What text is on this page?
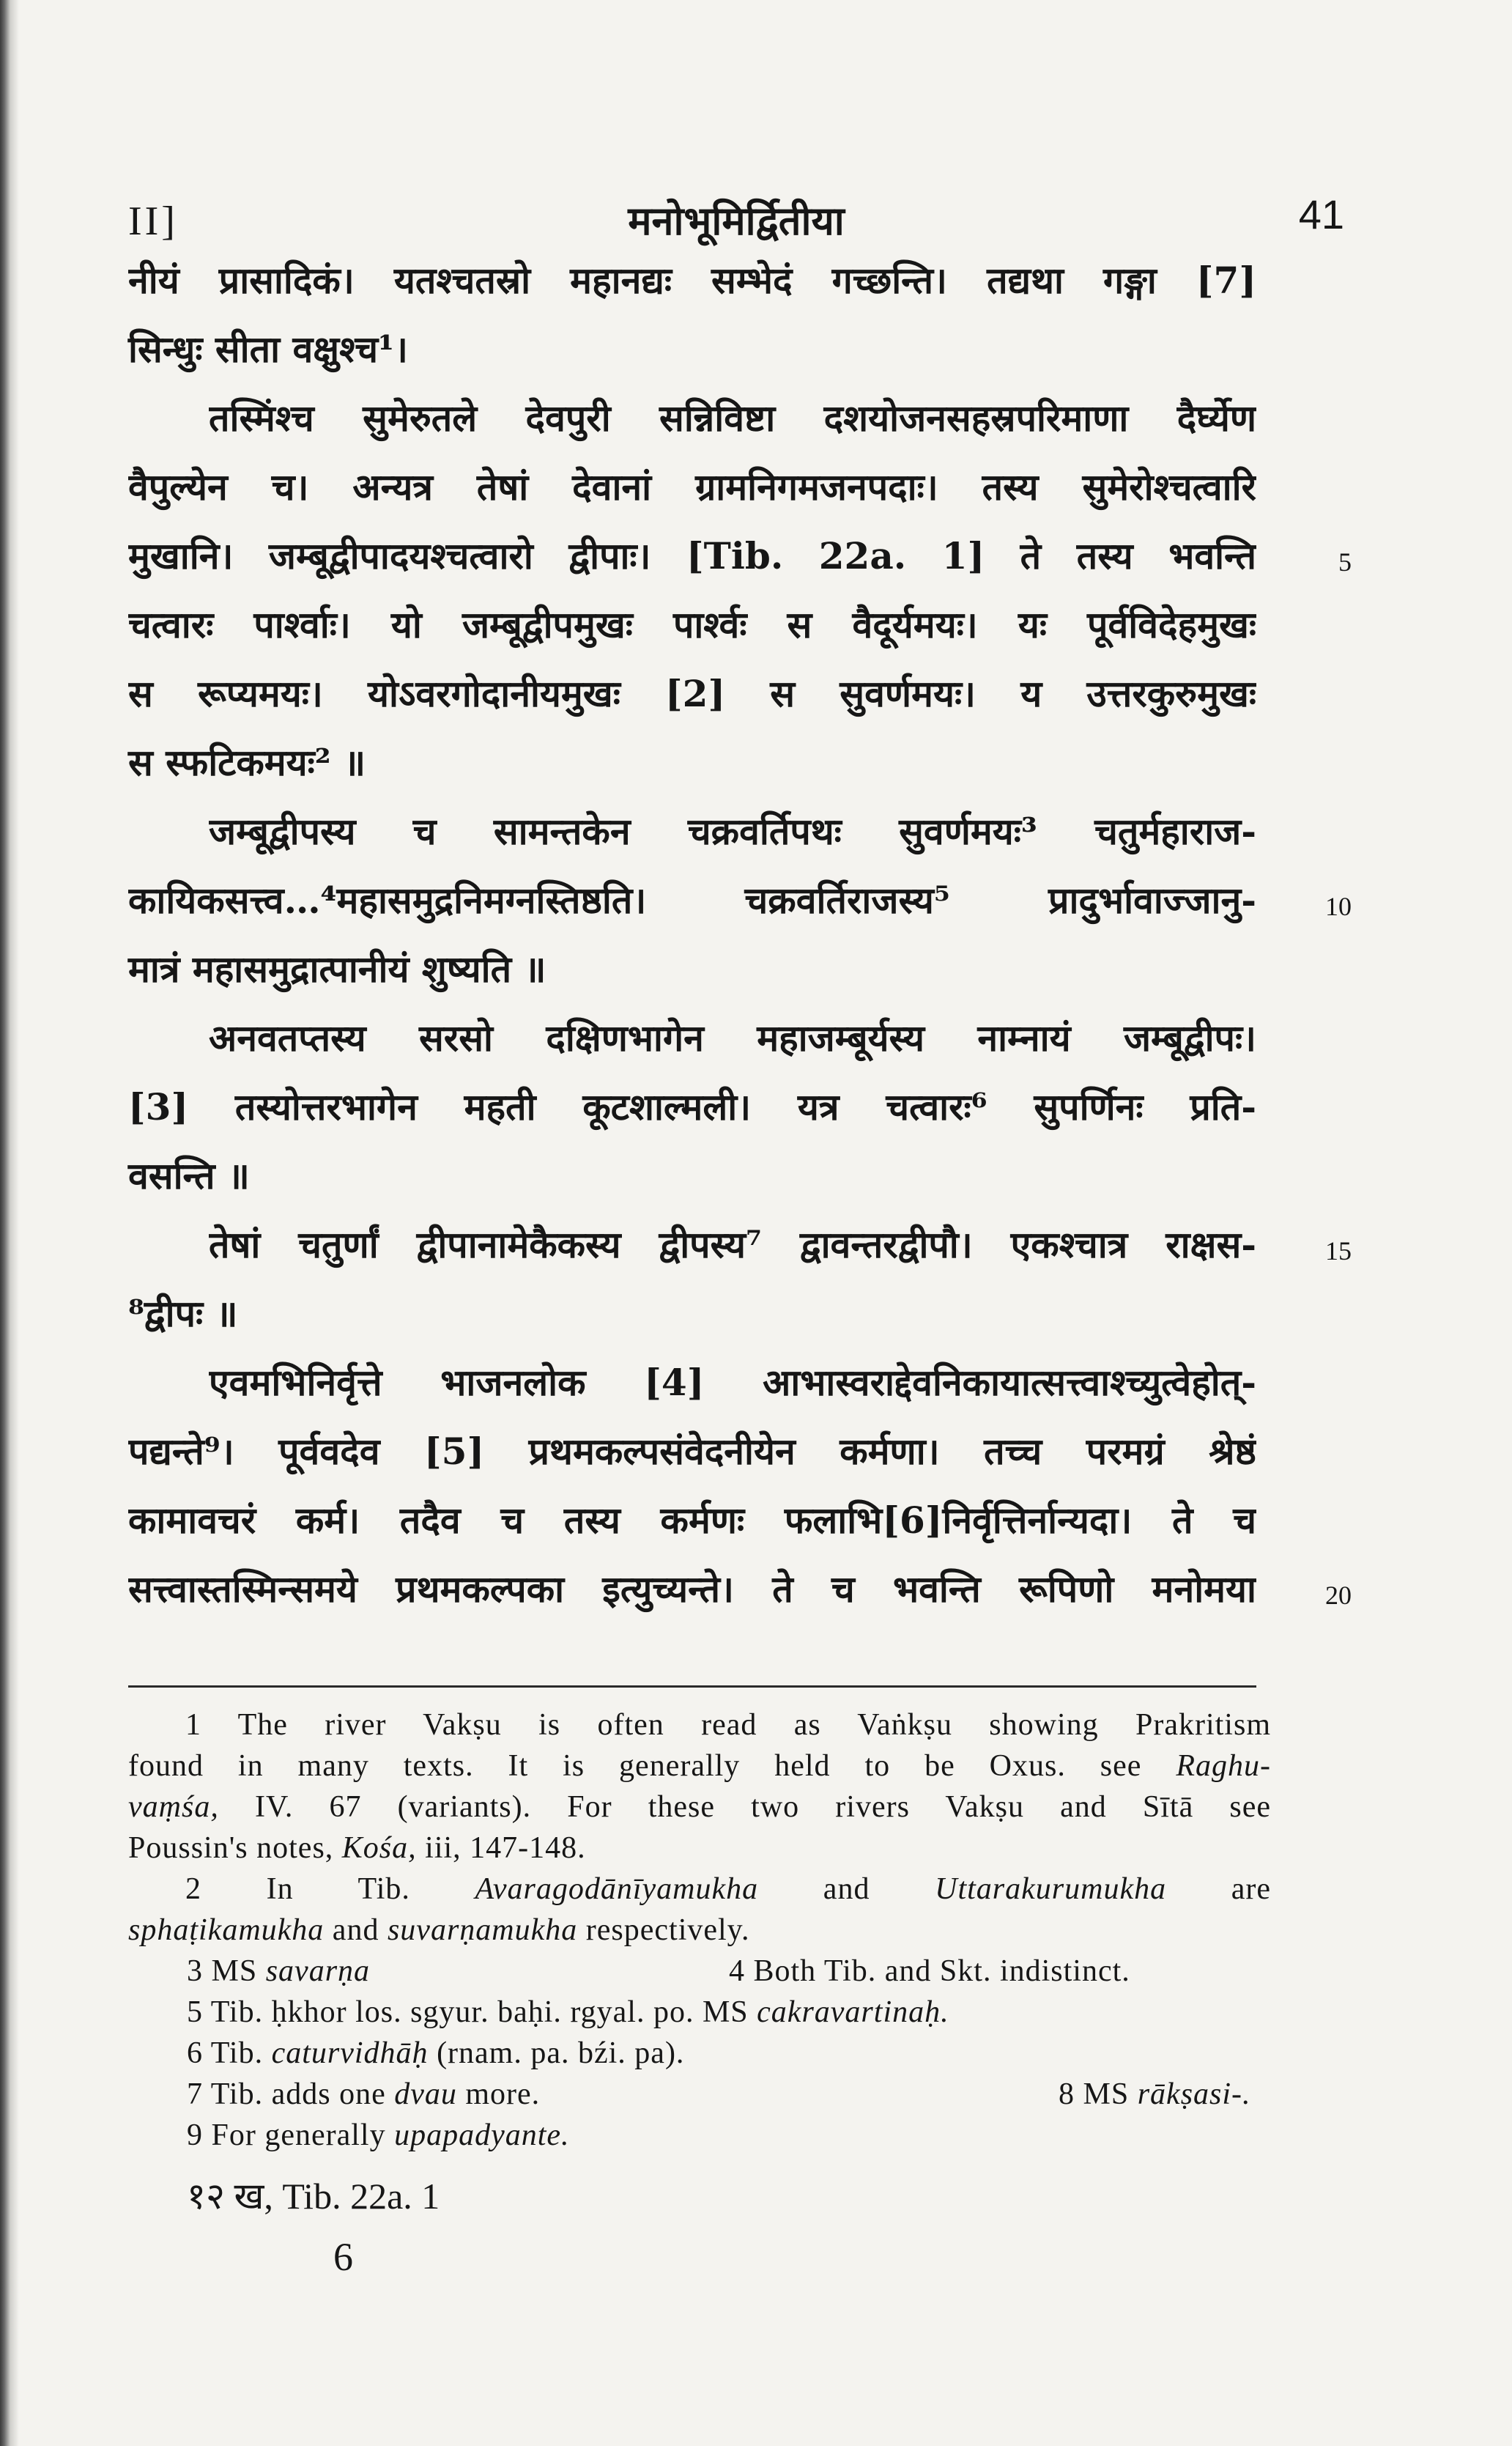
II]	मनोभूमिर्द्वितीया	41
नीयं प्रासादिकं। यतश्चतस्रो महानद्यः सम्भेदं गच्छन्ति। तद्यथा गङ्गा [7]
सिन्धुः सीता वक्षुश्च¹।
तस्मिंश्च सुमेरुतले देवपुरी सन्निविष्टा दशयोजनसहस्रपरिमाणा दैर्घ्येण
वैपुल्येन च। अन्यत्र तेषां देवानां ग्रामनिगमजनपदाः। तस्य सुमेरोश्चत्वारि
मुखानि। जम्बूद्वीपादयश्चत्वारो द्वीपाः। [Tib. 22a. 1] ते तस्य भवन्ति	5
चत्वारः पार्श्वाः। यो जम्बूद्वीपमुखः पार्श्वः स वैदूर्यमयः। यः पूर्वविदेहमुखः
स रूप्यमयः। योऽवरगोदानीयमुखः [2] स सुवर्णमयः। य उत्तरकुरुमुखः
स स्फटिकमयः² ॥
जम्बूद्वीपस्य च सामन्तकेन चक्रवर्तिपथः सुवर्णमयः³ चतुर्महाराज-
कायिकसत्त्व…⁴महासमुद्रनिमग्नस्तिष्ठति। चक्रवर्तिराजस्य⁵ प्रादुर्भावाज्जानु-	10
मात्रं महासमुद्रात्पानीयं शुष्यति ॥
अनवतप्तस्य सरसो दक्षिणभागेन महाजम्बूर्यस्य नाम्नायं जम्बूद्वीपः।
[3] तस्योत्तरभागेन महती कूटशाल्मली। यत्र चत्वारः⁶ सुपर्णिनः प्रति-
वसन्ति ॥
तेषां चतुर्णां द्वीपानामेकैकस्य द्वीपस्य⁷ द्वावन्तरद्वीपौ। एकश्चात्र राक्षस-	15
⁸द्वीपः ॥
एवमभिनिर्वृत्ते भाजनलोक [4] आभास्वराद्देवनिकायात्सत्त्वाश्च्युत्वेहोत्-
पद्यन्ते⁹। पूर्ववदेव [5] प्रथमकल्पसंवेदनीयेन कर्मणा। तच्च परमग्रं श्रेष्ठं
कामावचरं कर्म। तदैव च तस्य कर्मणः फलाभि[6]निर्वृत्तिर्नान्यदा। ते च
सत्त्वास्तस्मिन्समये प्रथमकल्पका इत्युच्यन्ते। ते च भवन्ति रूपिणो मनोमया	20
1 The river Vakṣu is often read as Vaṅkṣu showing Prakritism
found in many texts. It is generally held to be Oxus. see Raghu-
vaṃśa, IV. 67 (variants). For these two rivers Vakṣu and Sītā see
Poussin's notes, Kośa, iii, 147-148.
2 In Tib. Avaragodānīyamukha and Uttarakurumukha are
sphaṭikamukha and suvarṇamukha respectively.
3 MS savarṇa	4 Both Tib. and Skt. indistinct.
5 Tib. ḥkhor los. sgyur. baḥi. rgyal. po. MS cakravartinaḥ.
6 Tib. caturvidhāḥ (rnam. pa. bźi. pa).
7 Tib. adds one dvau more.	8 MS rākṣasi-.
9 For generally upapadyante.
१२ ख, Tib. 22a. 1
6
